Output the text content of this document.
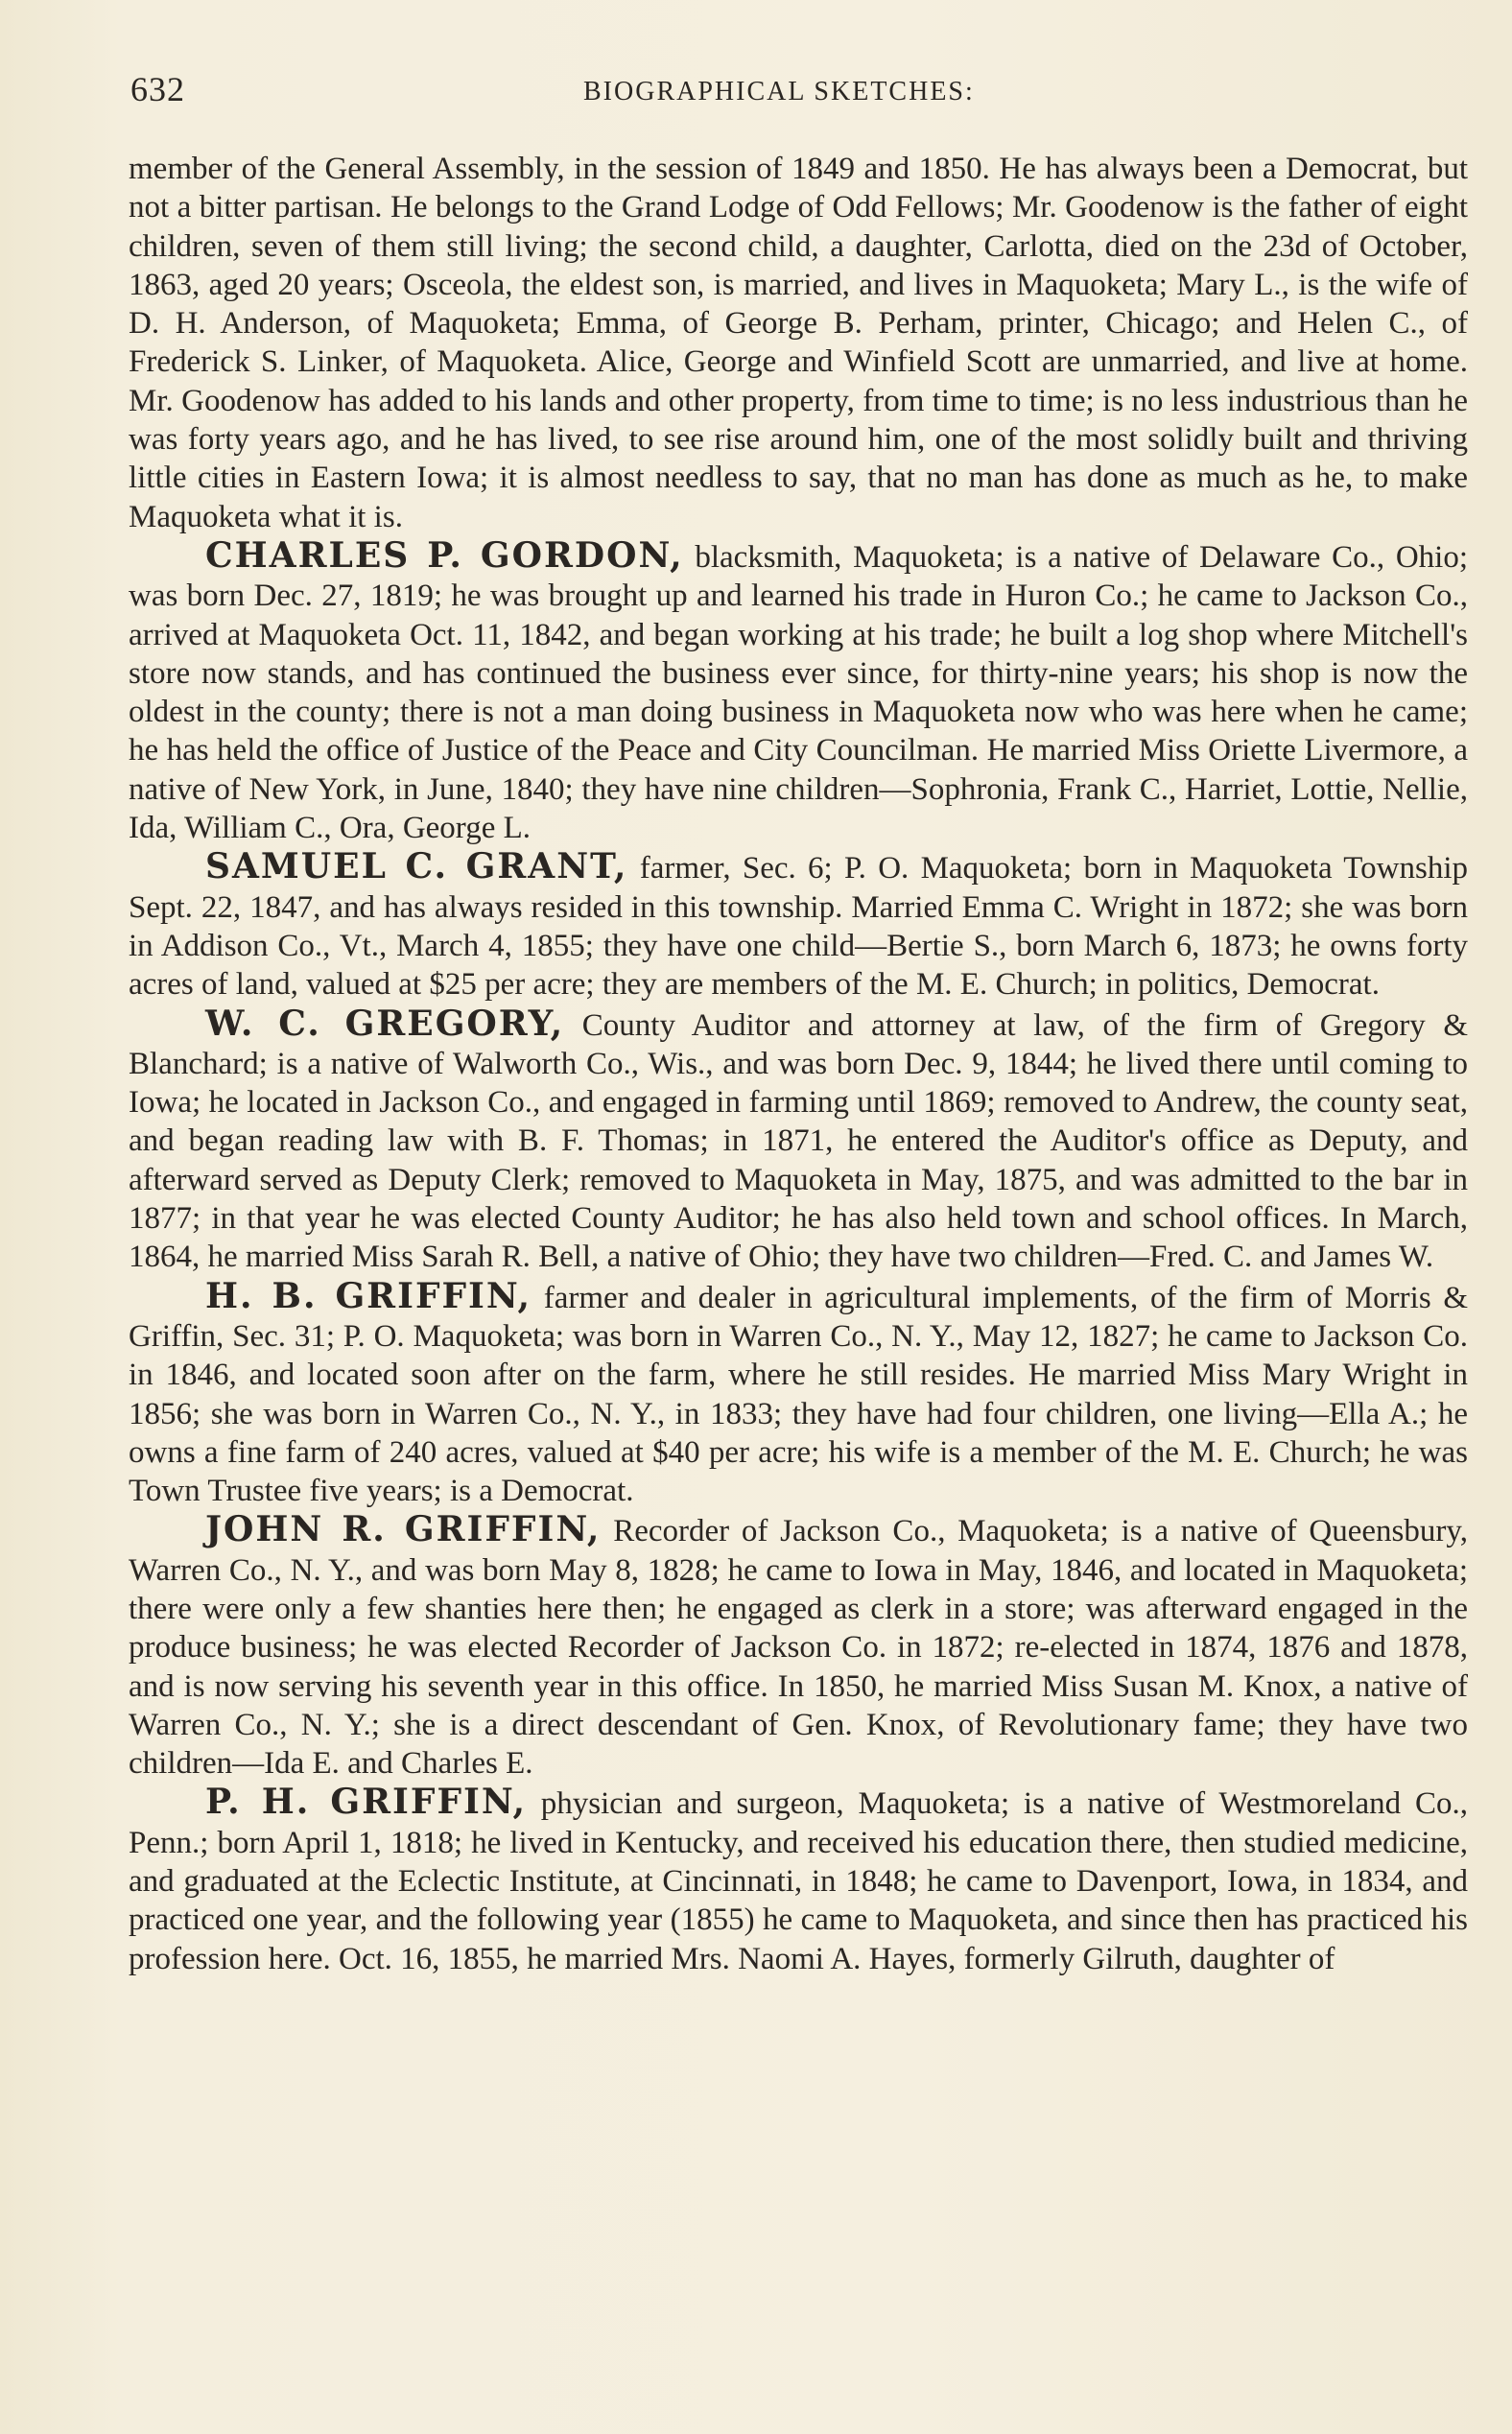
632	BIOGRAPHICAL SKETCHES:

member of the General Assembly, in the session of 1849 and 1850. He has always been a Democrat, but not a bitter partisan. He belongs to the Grand Lodge of Odd Fellows; Mr. Goodenow is the father of eight children, seven of them still living; the second child, a daughter, Carlotta, died on the 23d of October, 1863, aged 20 years; Osceola, the eldest son, is married, and lives in Maquoketa; Mary L., is the wife of D. H. Anderson, of Maquoketa; Emma, of George B. Perham, printer, Chicago; and Helen C., of Frederick S. Linker, of Maquoketa. Alice, George and Winfield Scott are unmarried, and live at home. Mr. Goodenow has added to his lands and other property, from time to time; is no less industrious than he was forty years ago, and he has lived, to see rise around him, one of the most solidly built and thriving little cities in Eastern Iowa; it is almost needless to say, that no man has done as much as he, to make Maquoketa what it is.

CHARLES P. GORDON, blacksmith, Maquoketa; is a native of Delaware Co., Ohio; was born Dec. 27, 1819; he was brought up and learned his trade in Huron Co.; he came to Jackson Co., arrived at Maquoketa Oct. 11, 1842, and began working at his trade; he built a log shop where Mitchell's store now stands, and has continued the business ever since, for thirty-nine years; his shop is now the oldest in the county; there is not a man doing business in Maquoketa now who was here when he came; he has held the office of Justice of the Peace and City Councilman. He married Miss Oriette Livermore, a native of New York, in June, 1840; they have nine children—Sophronia, Frank C., Harriet, Lottie, Nellie, Ida, William C., Ora, George L.

SAMUEL C. GRANT, farmer, Sec. 6; P. O. Maquoketa; born in Maquoketa Township Sept. 22, 1847, and has always resided in this township. Married Emma C. Wright in 1872; she was born in Addison Co., Vt., March 4, 1855; they have one child—Bertie S., born March 6, 1873; he owns forty acres of land, valued at $25 per acre; they are members of the M. E. Church; in politics, Democrat.

W. C. GREGORY, County Auditor and attorney at law, of the firm of Gregory & Blanchard; is a native of Walworth Co., Wis., and was born Dec. 9, 1844; he lived there until coming to Iowa; he located in Jackson Co., and engaged in farming until 1869; removed to Andrew, the county seat, and began reading law with B. F. Thomas; in 1871, he entered the Auditor's office as Deputy, and afterward served as Deputy Clerk; removed to Maquoketa in May, 1875, and was admitted to the bar in 1877; in that year he was elected County Auditor; he has also held town and school offices. In March, 1864, he married Miss Sarah R. Bell, a native of Ohio; they have two children—Fred. C. and James W.

H. B. GRIFFIN, farmer and dealer in agricultural implements, of the firm of Morris & Griffin, Sec. 31; P. O. Maquoketa; was born in Warren Co., N. Y., May 12, 1827; he came to Jackson Co. in 1846, and located soon after on the farm, where he still resides. He married Miss Mary Wright in 1856; she was born in Warren Co., N. Y., in 1833; they have had four children, one living—Ella A.; he owns a fine farm of 240 acres, valued at $40 per acre; his wife is a member of the M. E. Church; he was Town Trustee five years; is a Democrat.

JOHN R. GRIFFIN, Recorder of Jackson Co., Maquoketa; is a native of Queensbury, Warren Co., N. Y., and was born May 8, 1828; he came to Iowa in May, 1846, and located in Maquoketa; there were only a few shanties here then; he engaged as clerk in a store; was afterward engaged in the produce business; he was elected Recorder of Jackson Co. in 1872; re-elected in 1874, 1876 and 1878, and is now serving his seventh year in this office. In 1850, he married Miss Susan M. Knox, a native of Warren Co., N. Y.; she is a direct descendant of Gen. Knox, of Revolutionary fame; they have two children—Ida E. and Charles E.

P. H. GRIFFIN, physician and surgeon, Maquoketa; is a native of Westmoreland Co., Penn.; born April 1, 1818; he lived in Kentucky, and received his education there, then studied medicine, and graduated at the Eclectic Institute, at Cincinnati, in 1848; he came to Davenport, Iowa, in 1834, and practiced one year, and the following year (1855) he came to Maquoketa, and since then has practiced his profession here. Oct. 16, 1855, he married Mrs. Naomi A. Hayes, formerly Gilruth, daughter of
